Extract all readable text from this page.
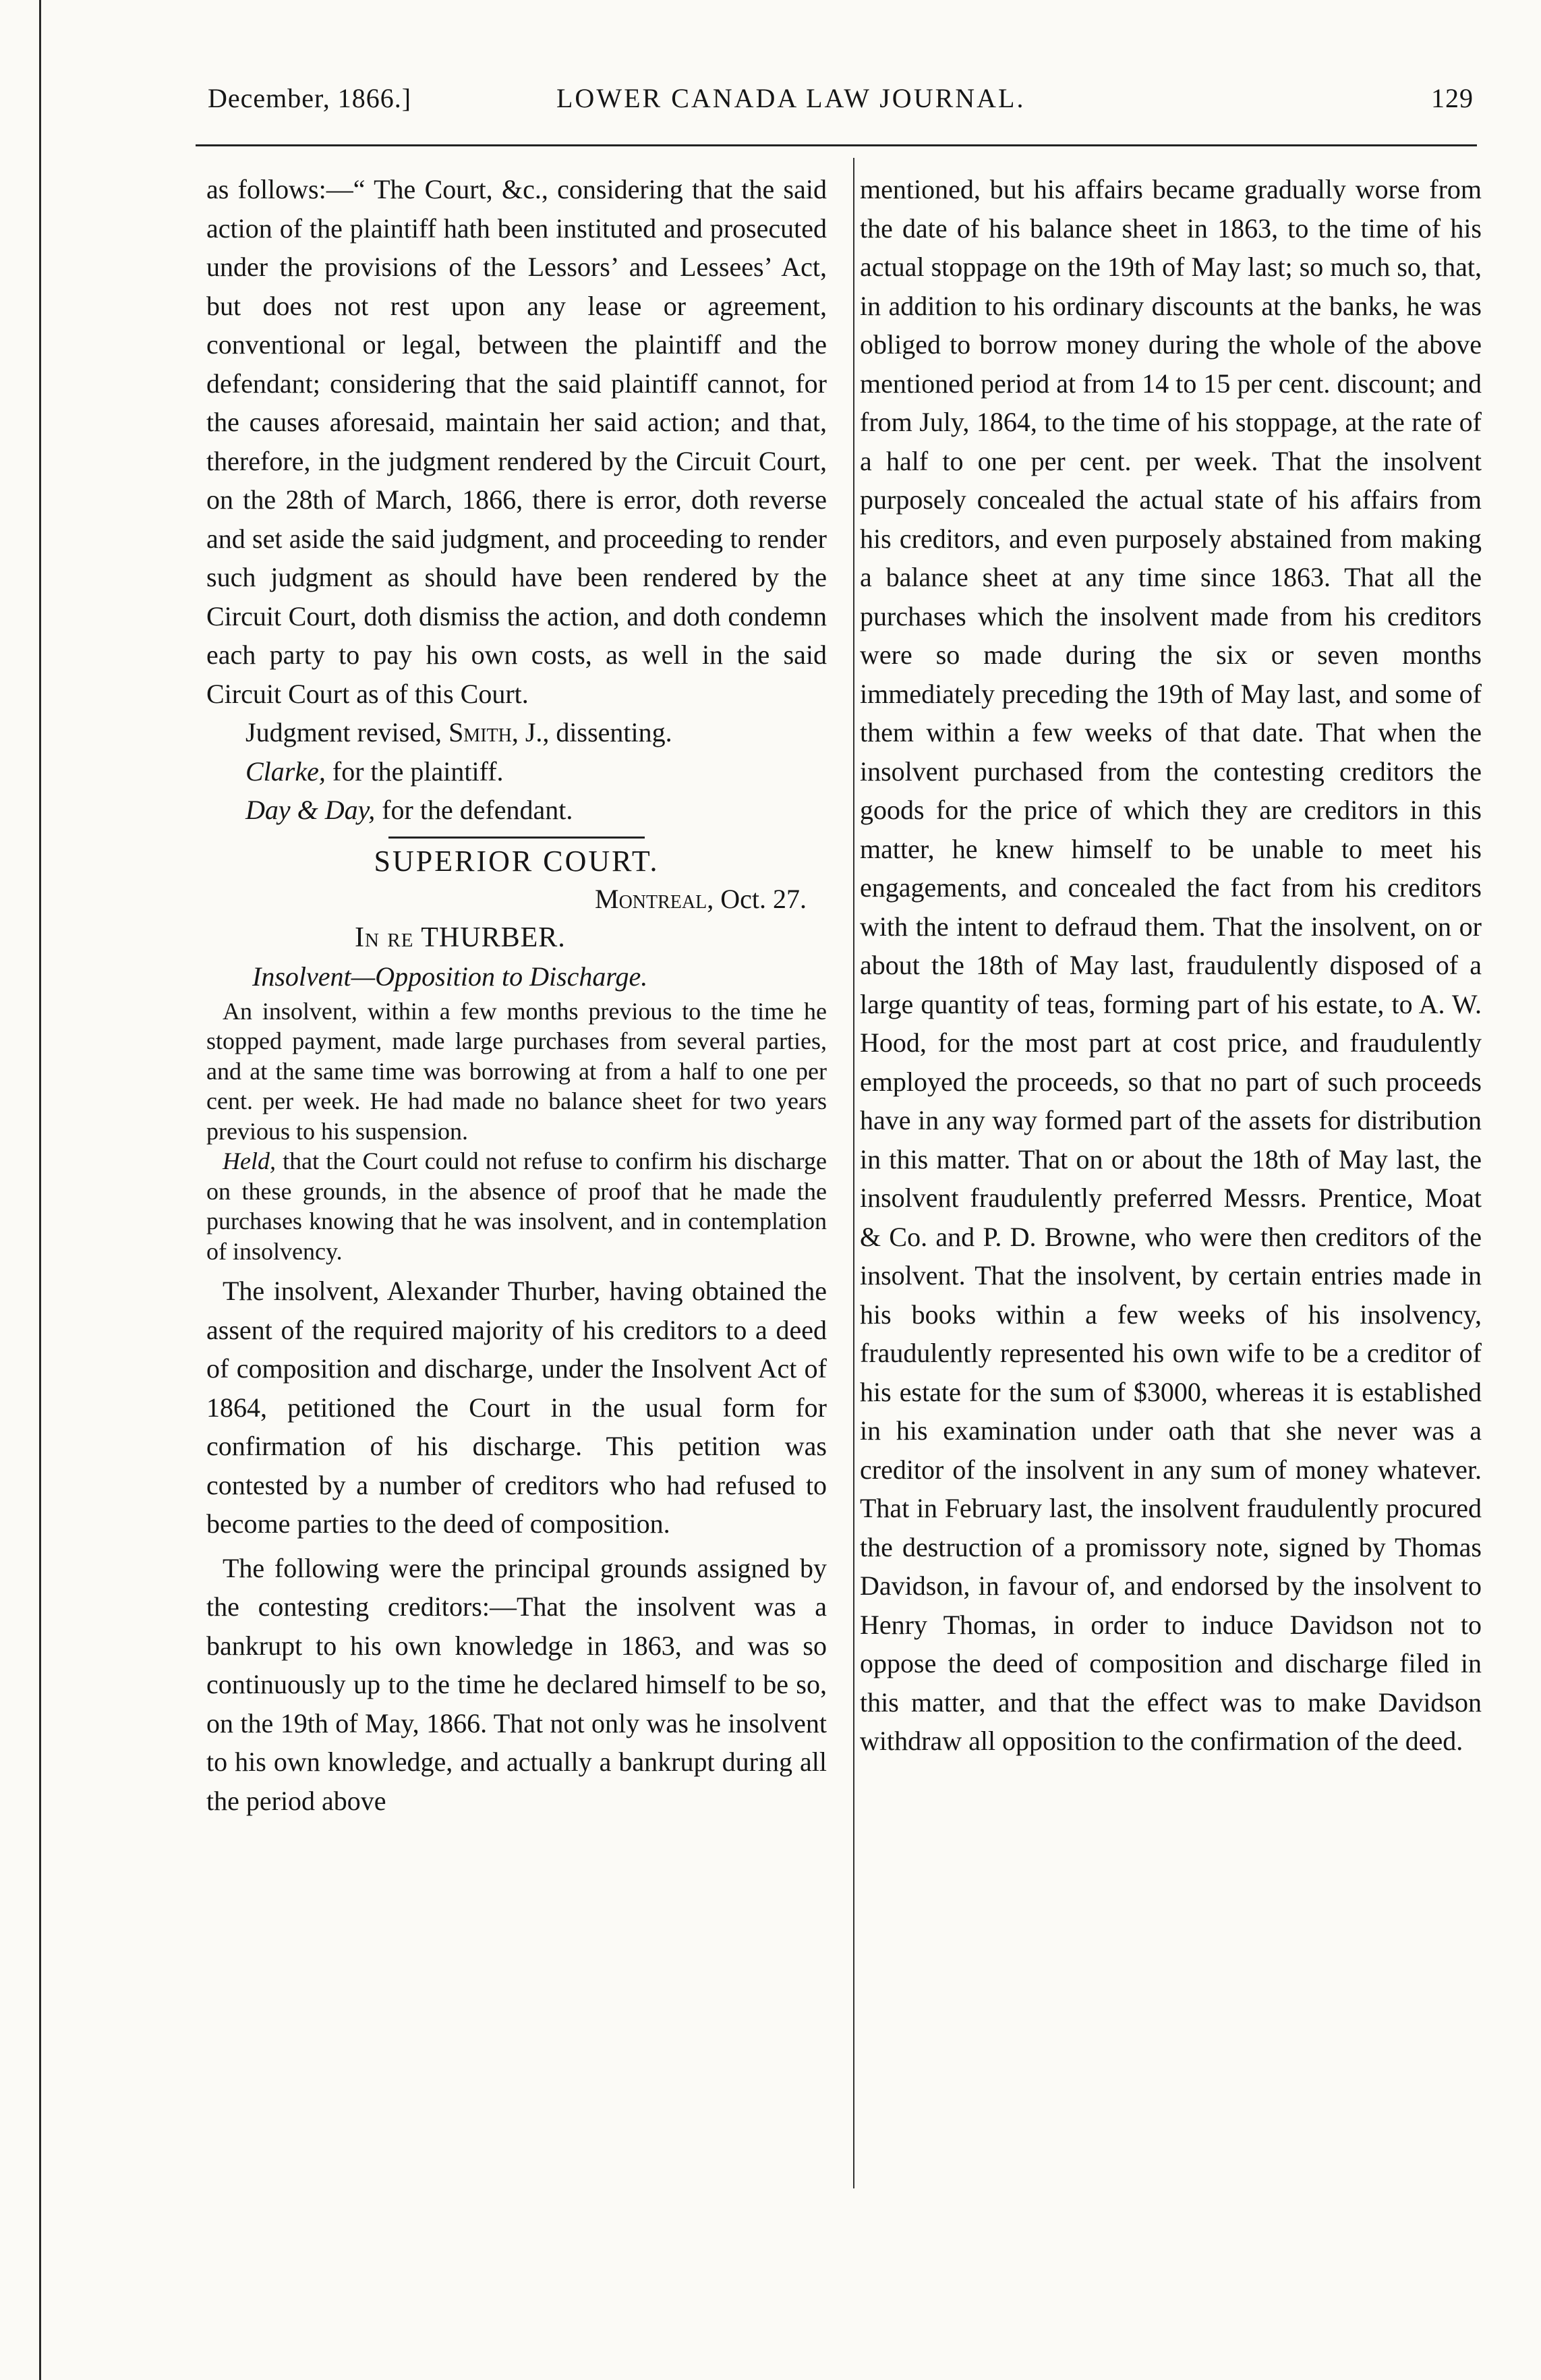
December, 1866.]	LOWER CANADA LAW JOURNAL.	129

as follows:—“ The Court, &c., considering that the said action of the plaintiff hath been instituted and prosecuted under the provisions of the Lessors’ and Lessees’ Act, but does not rest upon any lease or agreement, conventional or legal, between the plaintiff and the defendant; considering that the said plaintiff cannot, for the causes aforesaid, maintain her said action; and that, therefore, in the judgment rendered by the Circuit Court, on the 28th of March, 1866, there is error, doth reverse and set aside the said judgment, and proceeding to render such judgment as should have been rendered by the Circuit Court, doth dismiss the action, and doth condemn each party to pay his own costs, as well in the said Circuit Court as of this Court.

Judgment revised, Smith, J., dissenting.

Clarke, for the plaintiff.

Day & Day, for the defendant.

SUPERIOR COURT.

Montreal, Oct. 27.

In re THURBER.

Insolvent—Opposition to Discharge.

An insolvent, within a few months previous to the time he stopped payment, made large purchases from several parties, and at the same time was borrowing at from a half to one per cent. per week. He had made no balance sheet for two years previous to his suspension.

Held, that the Court could not refuse to confirm his discharge on these grounds, in the absence of proof that he made the purchases knowing that he was insolvent, and in contemplation of insolvency.

The insolvent, Alexander Thurber, having obtained the assent of the required majority of his creditors to a deed of composition and discharge, under the Insolvent Act of 1864, petitioned the Court in the usual form for confirmation of his discharge. This petition was contested by a number of creditors who had refused to become parties to the deed of composition.

The following were the principal grounds assigned by the contesting creditors:—That the insolvent was a bankrupt to his own knowledge in 1863, and was so continuously up to the time he declared himself to be so, on the 19th of May, 1866. That not only was he insolvent to his own knowledge, and actually a bankrupt during all the period above

mentioned, but his affairs became gradually worse from the date of his balance sheet in 1863, to the time of his actual stoppage on the 19th of May last; so much so, that, in addition to his ordinary discounts at the banks, he was obliged to borrow money during the whole of the above mentioned period at from 14 to 15 per cent. discount; and from July, 1864, to the time of his stoppage, at the rate of a half to one per cent. per week. That the insolvent purposely concealed the actual state of his affairs from his creditors, and even purposely abstained from making a balance sheet at any time since 1863. That all the purchases which the insolvent made from his creditors were so made during the six or seven months immediately preceding the 19th of May last, and some of them within a few weeks of that date. That when the insolvent purchased from the contesting creditors the goods for the price of which they are creditors in this matter, he knew himself to be unable to meet his engagements, and concealed the fact from his creditors with the intent to defraud them. That the insolvent, on or about the 18th of May last, fraudulently disposed of a large quantity of teas, forming part of his estate, to A. W. Hood, for the most part at cost price, and fraudulently employed the proceeds, so that no part of such proceeds have in any way formed part of the assets for distribution in this matter. That on or about the 18th of May last, the insolvent fraudulently preferred Messrs. Prentice, Moat & Co. and P. D. Browne, who were then creditors of the insolvent. That the insolvent, by certain entries made in his books within a few weeks of his insolvency, fraudulently represented his own wife to be a creditor of his estate for the sum of $3000, whereas it is established in his examination under oath that she never was a creditor of the insolvent in any sum of money whatever. That in February last, the insolvent fraudulently procured the destruction of a promissory note, signed by Thomas Davidson, in favour of, and endorsed by the insolvent to Henry Thomas, in order to induce Davidson not to oppose the deed of composition and discharge filed in this matter, and that the effect was to make Davidson withdraw all opposition to the confirmation of the deed.
